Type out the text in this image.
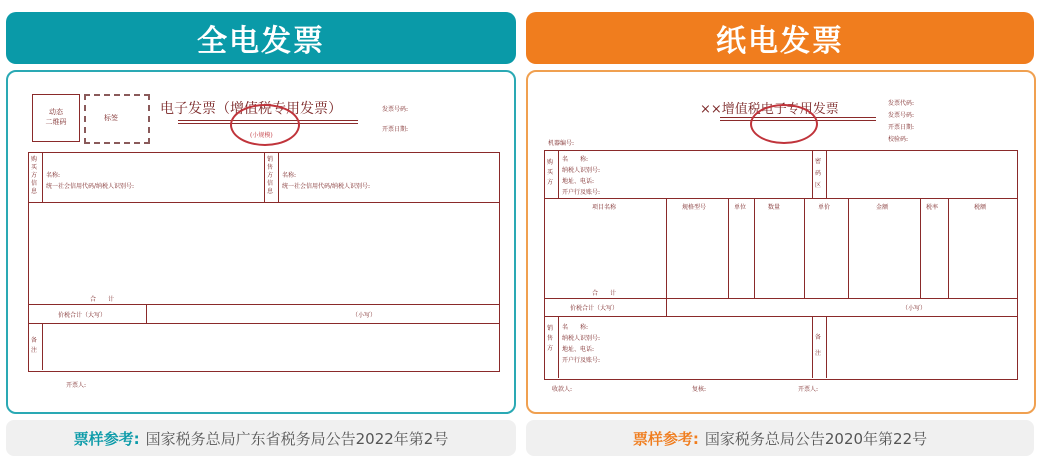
全电发票	纸电发票
动态
二维码	标签
电子发票（增值税专用发票）
(小规模)
发票号码:
开票日期:
购买方信息
名称:
统一社会信用代码/纳税人识别号:
销售方信息
名称:
统一社会信用代码/纳税人识别号:
合　　计
价税合计（大写）	（小写）
备注
开票人:
××增值税电子专用发票	发票代码:
发票号码:
开票日期:
校验码:
机器编号:
购买方
名　　称:
纳税人识别号:
地址、电话:
开户行及账号:
密码区
项目名称	规格型号	单位	数量	单价	金额	税率	税额
合　　计
价税合计（大写）	（小写）
销售方
名　　称:
纳税人识别号:
地址、电话:
开户行及账号:
备注
收款人:	复核:	开票人:
票样参考: 国家税务总局广东省税务局公告2022年第2号	票样参考: 国家税务总局公告2020年第22号
